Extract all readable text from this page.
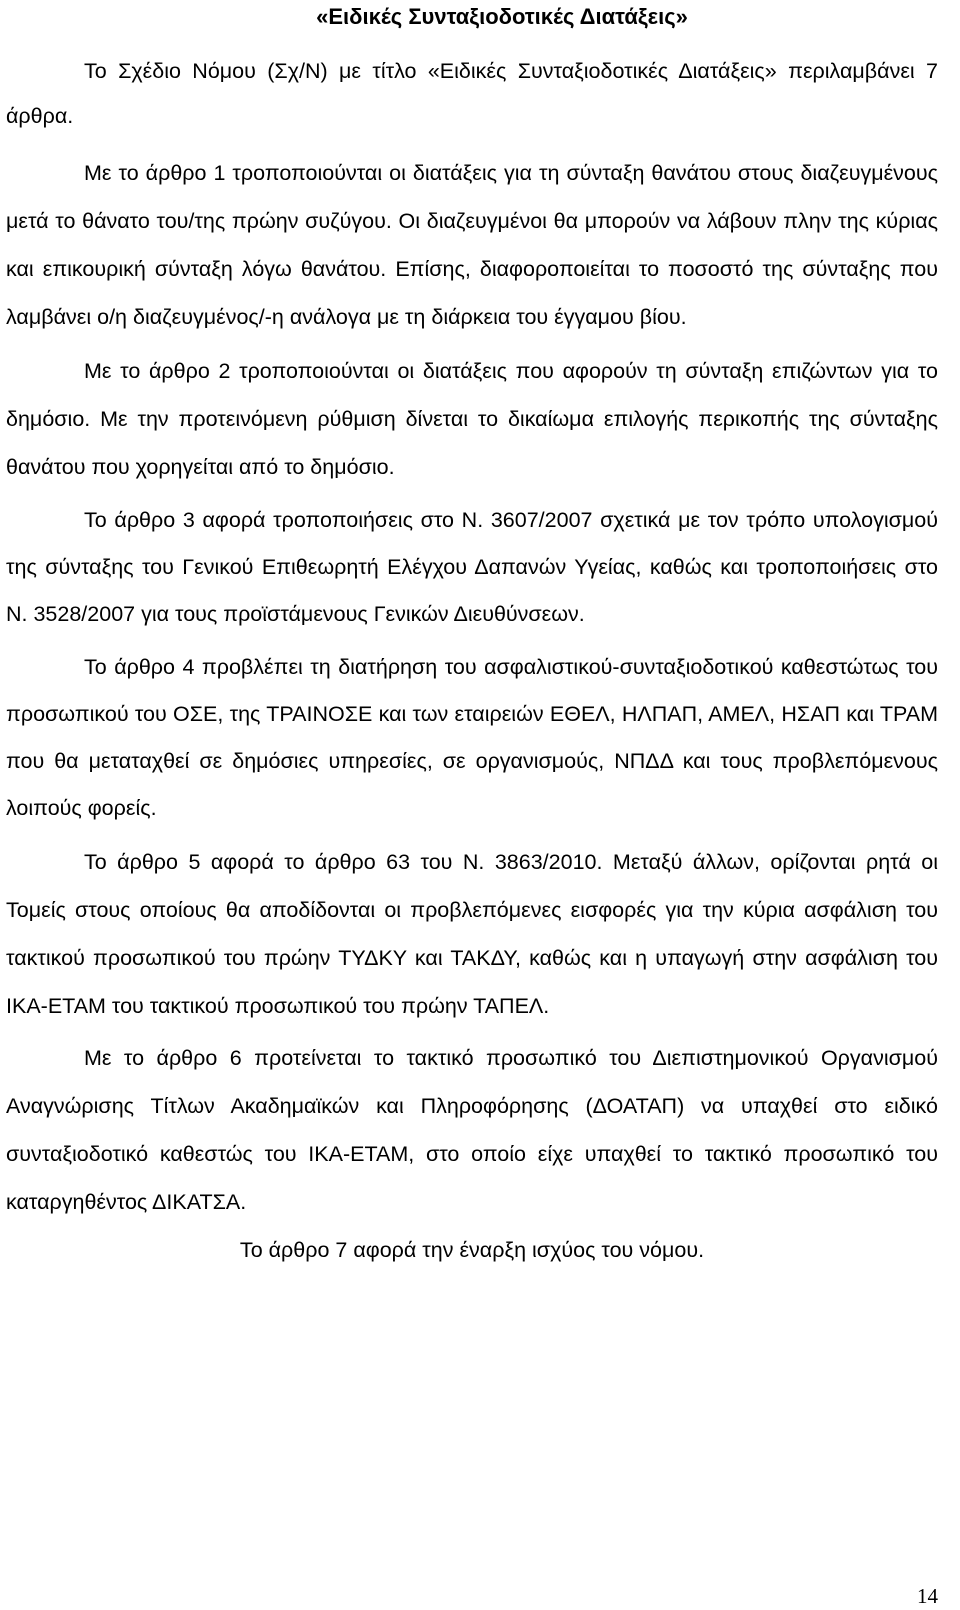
«Ειδικές Συνταξιοδοτικές Διατάξεις»

Το Σχέδιο Νόμου (Σχ/Ν) με τίτλο «Ειδικές Συνταξιοδοτικές Διατάξεις» περιλαμβάνει 7 άρθρα.

Με το άρθρο 1 τροποποιούνται οι διατάξεις για τη σύνταξη θανάτου στους διαζευγμένους μετά το θάνατο του/της πρώην συζύγου. Οι διαζευγμένοι θα μπορούν να λάβουν πλην της κύριας και επικουρική σύνταξη λόγω θανάτου. Επίσης, διαφοροποιείται το ποσοστό της σύνταξης που λαμβάνει ο/η διαζευγμένος/-η ανάλογα με τη διάρκεια του έγγαμου βίου.

Με το άρθρο 2 τροποποιούνται οι διατάξεις που αφορούν τη σύνταξη επιζώντων για το δημόσιο. Με την προτεινόμενη ρύθμιση δίνεται το δικαίωμα επιλογής περικοπής της σύνταξης θανάτου που χορηγείται από το δημόσιο.

Το άρθρο 3 αφορά τροποποιήσεις στο Ν. 3607/2007 σχετικά με τον τρόπο υπολογισμού της σύνταξης του Γενικού Επιθεωρητή Ελέγχου Δαπανών Υγείας, καθώς και τροποποιήσεις στο Ν. 3528/2007 για τους προϊστάμενους Γενικών Διευθύνσεων.

Το άρθρο 4 προβλέπει τη διατήρηση του ασφαλιστικού-συνταξιοδοτικού καθεστώτως του προσωπικού του ΟΣΕ, της ΤΡΑΙΝΟΣΕ και των εταιρειών ΕΘΕΛ, ΗΛΠΑΠ, ΑΜΕΛ, ΗΣΑΠ και ΤΡΑΜ που θα μεταταχθεί σε δημόσιες υπηρεσίες, σε οργανισμούς, ΝΠΔΔ και τους προβλεπόμενους λοιπούς φορείς.

Το άρθρο 5 αφορά το άρθρο 63 του Ν. 3863/2010. Μεταξύ άλλων, ορίζονται ρητά οι Τομείς στους οποίους θα αποδίδονται οι προβλεπόμενες εισφορές για την κύρια ασφάλιση του τακτικού προσωπικού του πρώην ΤΥΔΚΥ και ΤΑΚΔΥ, καθώς και η υπαγωγή στην ασφάλιση του ΙΚΑ-ΕΤΑΜ του τακτικού προσωπικού του πρώην ΤΑΠΕΛ.

Με το άρθρο 6 προτείνεται το τακτικό προσωπικό του Διεπιστημονικού Οργανισμού Αναγνώρισης Τίτλων Ακαδημαϊκών και Πληροφόρησης (ΔΟΑΤΑΠ) να υπαχθεί στο ειδικό συνταξιοδοτικό καθεστώς του ΙΚΑ-ΕΤΑΜ, στο οποίο είχε υπαχθεί το τακτικό προσωπικό του καταργηθέντος ΔΙΚΑΤΣΑ.

Το άρθρο 7 αφορά την έναρξη ισχύος του νόμου.

14
